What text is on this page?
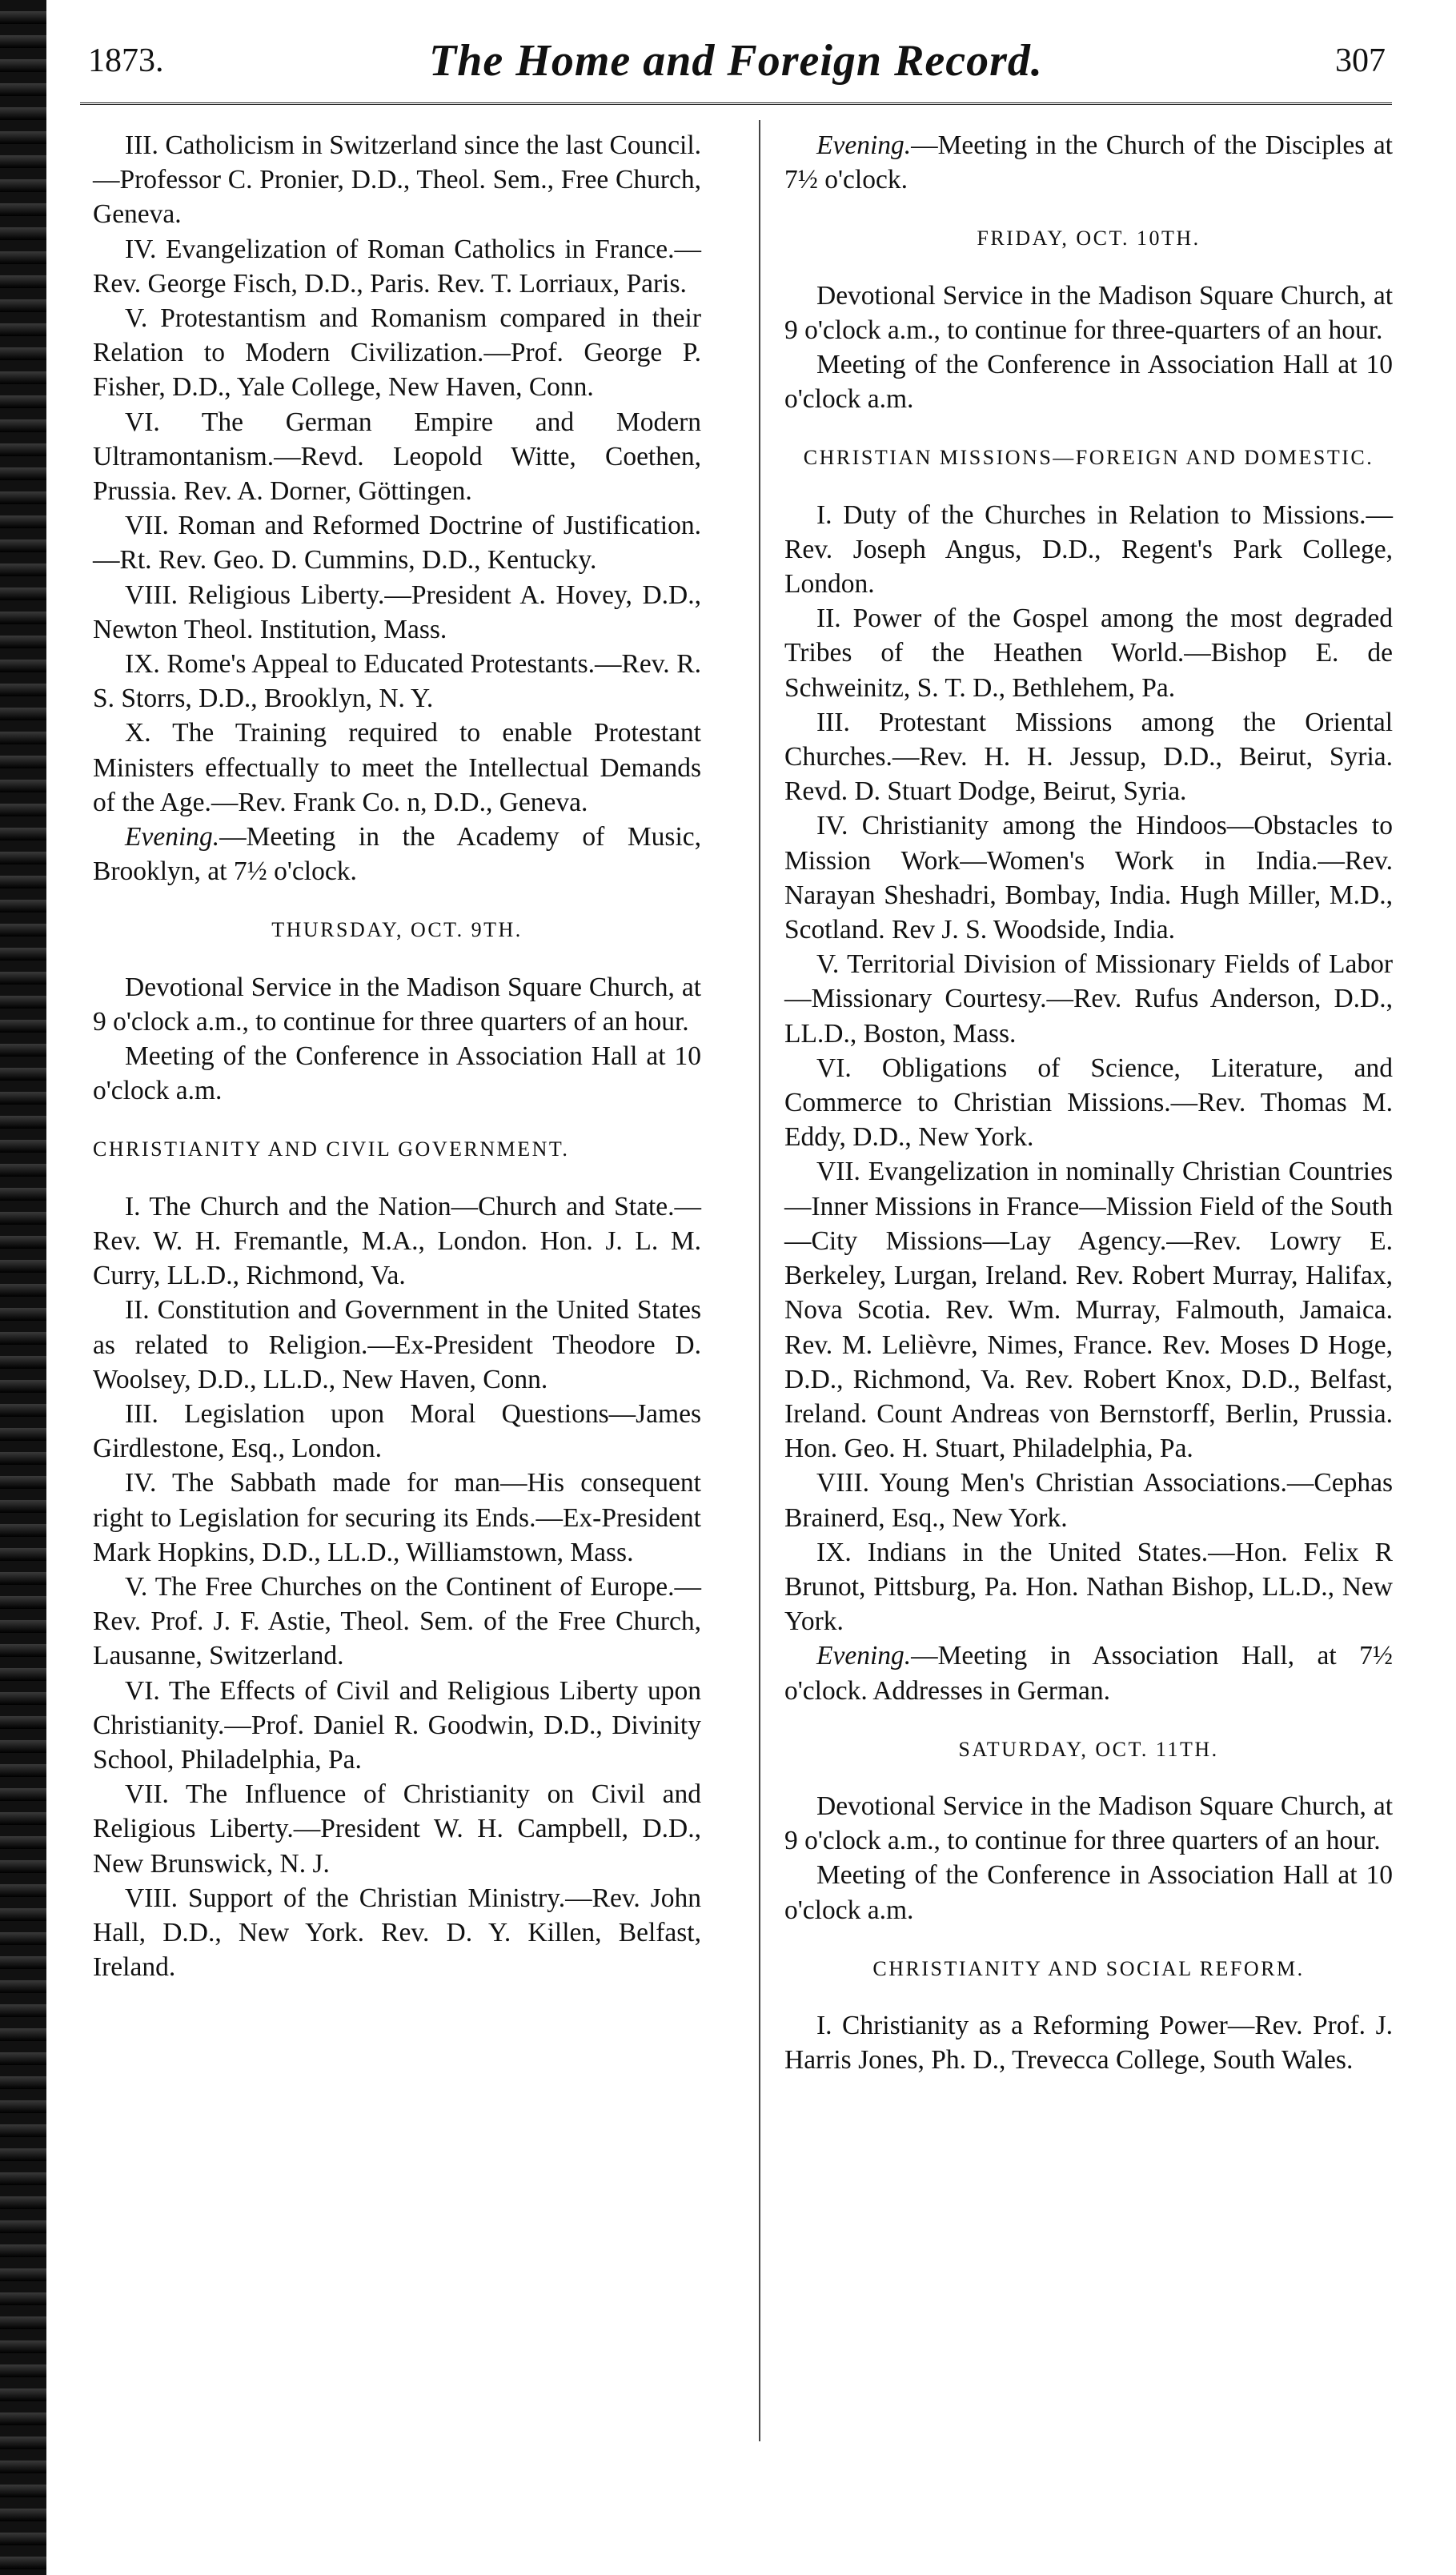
1873.	The Home and Foreign Record.	307

III. Catholicism in Switzerland since the last Council.—Professor C. Pronier, D.D., Theol. Sem., Free Church, Geneva.

IV. Evangelization of Roman Catholics in France.—Rev. George Fisch, D.D., Paris. Rev. T. Lorriaux, Paris.

V. Protestantism and Romanism compared in their Relation to Modern Civilization.—Prof. George P. Fisher, D.D., Yale College, New Haven, Conn.

VI. The German Empire and Modern Ultramontanism.—Revd. Leopold Witte, Coethen, Prussia. Rev. A. Dorner, Göttingen.

VII. Roman and Reformed Doctrine of Justification.—Rt. Rev. Geo. D. Cummins, D.D., Kentucky.

VIII. Religious Liberty.—President A. Hovey, D.D., Newton Theol. Institution, Mass.

IX. Rome's Appeal to Educated Protestants.—Rev. R. S. Storrs, D.D., Brooklyn, N. Y.

X. The Training required to enable Protestant Ministers effectually to meet the Intellectual Demands of the Age.—Rev. Frank Co. n, D.D., Geneva.

Evening.—Meeting in the Academy of Music, Brooklyn, at 7½ o'clock.

THURSDAY, OCT. 9TH.

Devotional Service in the Madison Square Church, at 9 o'clock a.m., to continue for three quarters of an hour.

Meeting of the Conference in Association Hall at 10 o'clock a.m.

CHRISTIANITY AND CIVIL GOVERNMENT.

I. The Church and the Nation—Church and State.—Rev. W. H. Fremantle, M.A., London. Hon. J. L. M. Curry, LL.D., Richmond, Va.

II. Constitution and Government in the United States as related to Religion.—Ex-President Theodore D. Woolsey, D.D., LL.D., New Haven, Conn.

III. Legislation upon Moral Questions—James Girdlestone, Esq., London.

IV. The Sabbath made for man—His consequent right to Legislation for securing its Ends.—Ex-President Mark Hopkins, D.D., LL.D., Williamstown, Mass.

V. The Free Churches on the Continent of Europe.—Rev. Prof. J. F. Astie, Theol. Sem. of the Free Church, Lausanne, Switzerland.

VI. The Effects of Civil and Religious Liberty upon Christianity.—Prof. Daniel R. Goodwin, D.D., Divinity School, Philadelphia, Pa.

VII. The Influence of Christianity on Civil and Religious Liberty.—President W. H. Campbell, D.D., New Brunswick, N. J.

VIII. Support of the Christian Ministry.—Rev. John Hall, D.D., New York. Rev. D. Y. Killen, Belfast, Ireland.

Evening.—Meeting in the Church of the Disciples at 7½ o'clock.

FRIDAY, OCT. 10TH.

Devotional Service in the Madison Square Church, at 9 o'clock a.m., to continue for three-quarters of an hour.

Meeting of the Conference in Association Hall at 10 o'clock a.m.

CHRISTIAN MISSIONS—FOREIGN AND DOMESTIC.

I. Duty of the Churches in Relation to Missions.—Rev. Joseph Angus, D.D., Regent's Park College, London.

II. Power of the Gospel among the most degraded Tribes of the Heathen World.—Bishop E. de Schweinitz, S. T. D., Bethlehem, Pa.

III. Protestant Missions among the Oriental Churches.—Rev. H. H. Jessup, D.D., Beirut, Syria. Revd. D. Stuart Dodge, Beirut, Syria.

IV. Christianity among the Hindoos—Obstacles to Mission Work—Women's Work in India.—Rev. Narayan Sheshadri, Bombay, India. Hugh Miller, M.D., Scotland. Rev J. S. Woodside, India.

V. Territorial Division of Missionary Fields of Labor—Missionary Courtesy.—Rev. Rufus Anderson, D.D., LL.D., Boston, Mass.

VI. Obligations of Science, Literature, and Commerce to Christian Missions.—Rev. Thomas M. Eddy, D.D., New York.

VII. Evangelization in nominally Christian Countries—Inner Missions in France—Mission Field of the South—City Missions—Lay Agency.—Rev. Lowry E. Berkeley, Lurgan, Ireland. Rev. Robert Murray, Halifax, Nova Scotia. Rev. Wm. Murray, Falmouth, Jamaica. Rev. M. Lelièvre, Nimes, France. Rev. Moses D Hoge, D.D., Richmond, Va. Rev. Robert Knox, D.D., Belfast, Ireland. Count Andreas von Bernstorff, Berlin, Prussia. Hon. Geo. H. Stuart, Philadelphia, Pa.

VIII. Young Men's Christian Associations.—Cephas Brainerd, Esq., New York.

IX. Indians in the United States.—Hon. Felix R Brunot, Pittsburg, Pa. Hon. Nathan Bishop, LL.D., New York.

Evening.—Meeting in Association Hall, at 7½ o'clock. Addresses in German.

SATURDAY, OCT. 11TH.

Devotional Service in the Madison Square Church, at 9 o'clock a.m., to continue for three quarters of an hour.

Meeting of the Conference in Association Hall at 10 o'clock a.m.

CHRISTIANITY AND SOCIAL REFORM.

I. Christianity as a Reforming Power—Rev. Prof. J. Harris Jones, Ph. D., Trevecca College, South Wales.
